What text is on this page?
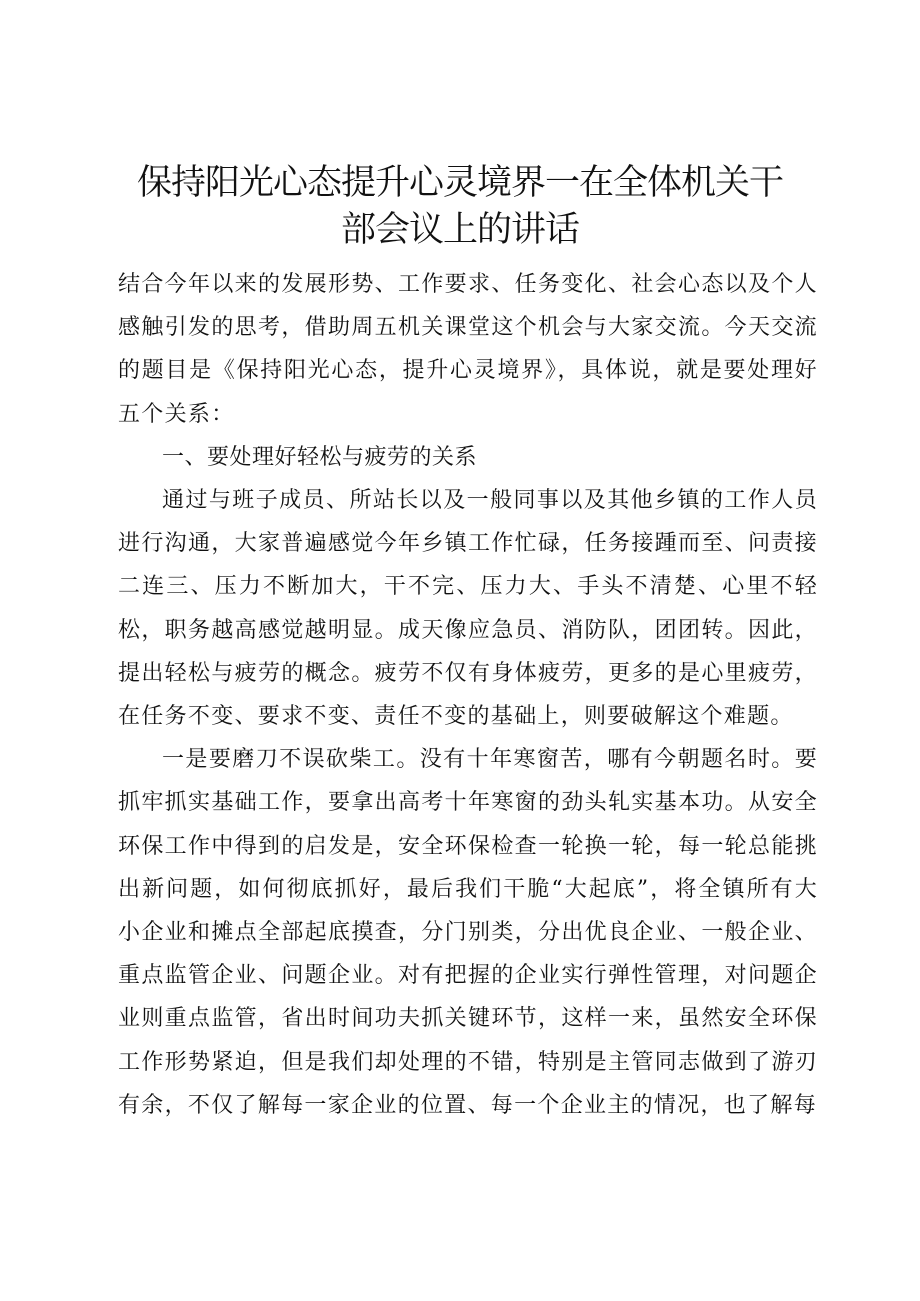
保持阳光心态提升心灵境界一在全体机关干
部会议上的讲话

结合今年以来的发展形势、工作要求、任务变化、社会心态以及个人感触引发的思考，借助周五机关课堂这个机会与大家交流。今天交流的题目是《保持阳光心态，提升心灵境界》，具体说，就是要处理好五个关系：

一、要处理好轻松与疲劳的关系

通过与班子成员、所站长以及一般同事以及其他乡镇的工作人员进行沟通，大家普遍感觉今年乡镇工作忙碌，任务接踵而至、问责接二连三、压力不断加大，干不完、压力大、手头不清楚、心里不轻松，职务越高感觉越明显。成天像应急员、消防队，团团转。因此，提出轻松与疲劳的概念。疲劳不仅有身体疲劳，更多的是心里疲劳，在任务不变、要求不变、责任不变的基础上，则要破解这个难题。

一是要磨刀不误砍柴工。没有十年寒窗苦，哪有今朝题名时。要抓牢抓实基础工作，要拿出高考十年寒窗的劲头轧实基本功。从安全环保工作中得到的启发是，安全环保检查一轮换一轮，每一轮总能挑出新问题，如何彻底抓好，最后我们干脆“大起底”，将全镇所有大小企业和摊点全部起底摸查，分门别类，分出优良企业、一般企业、重点监管企业、问题企业。对有把握的企业实行弹性管理，对问题企业则重点监管，省出时间功夫抓关键环节，这样一来，虽然安全环保工作形势紧迫，但是我们却处理的不错，特别是主管同志做到了游刃有余，不仅了解每一家企业的位置、每一个企业主的情况，也了解每
